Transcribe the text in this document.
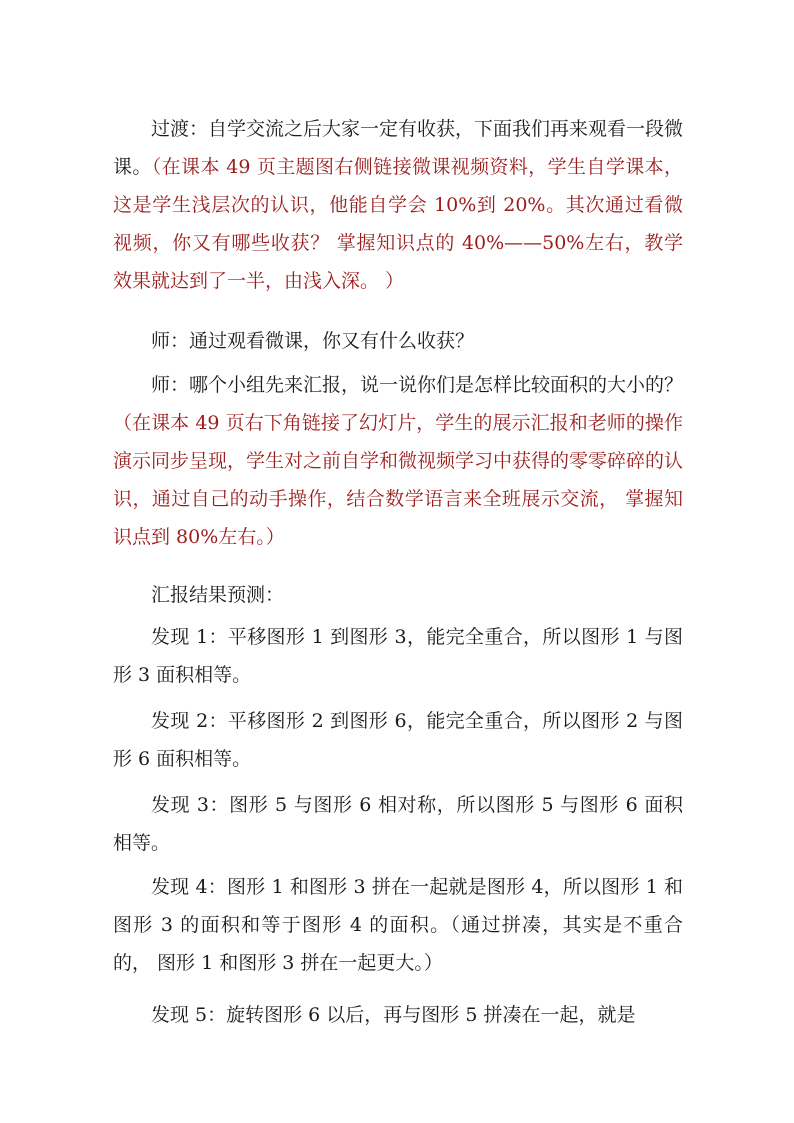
过渡：自学交流之后大家一定有收获，下面我们再来观看一段微课。（在课本 49 页主题图右侧链接微课视频资料，学生自学课本，这是学生浅层次的认识，他能自学会 10%到 20%。其次通过看微视频，你又有哪些收获？ 掌握知识点的 40%——50%左右，教学效果就达到了一半，由浅入深。 ）

师：通过观看微课，你又有什么收获？

师：哪个小组先来汇报，说一说你们是怎样比较面积的大小的？（在课本 49 页右下角链接了幻灯片，学生的展示汇报和老师的操作演示同步呈现，学生对之前自学和微视频学习中获得的零零碎碎的认识，通过自己的动手操作，结合数学语言来全班展示交流， 掌握知识点到 80%左右。）

汇报结果预测：

发现 1：平移图形 1 到图形 3，能完全重合，所以图形 1 与图形 3 面积相等。

发现 2：平移图形 2 到图形 6，能完全重合，所以图形 2 与图形 6 面积相等。

发现 3：图形 5 与图形 6 相对称，所以图形 5 与图形 6 面积相等。

发现 4：图形 1 和图形 3 拼在一起就是图形 4，所以图形 1 和图形 3 的面积和等于图形 4 的面积。（通过拼凑，其实是不重合的， 图形 1 和图形 3 拼在一起更大。）

发现 5：旋转图形 6 以后，再与图形 5 拼凑在一起，就是
